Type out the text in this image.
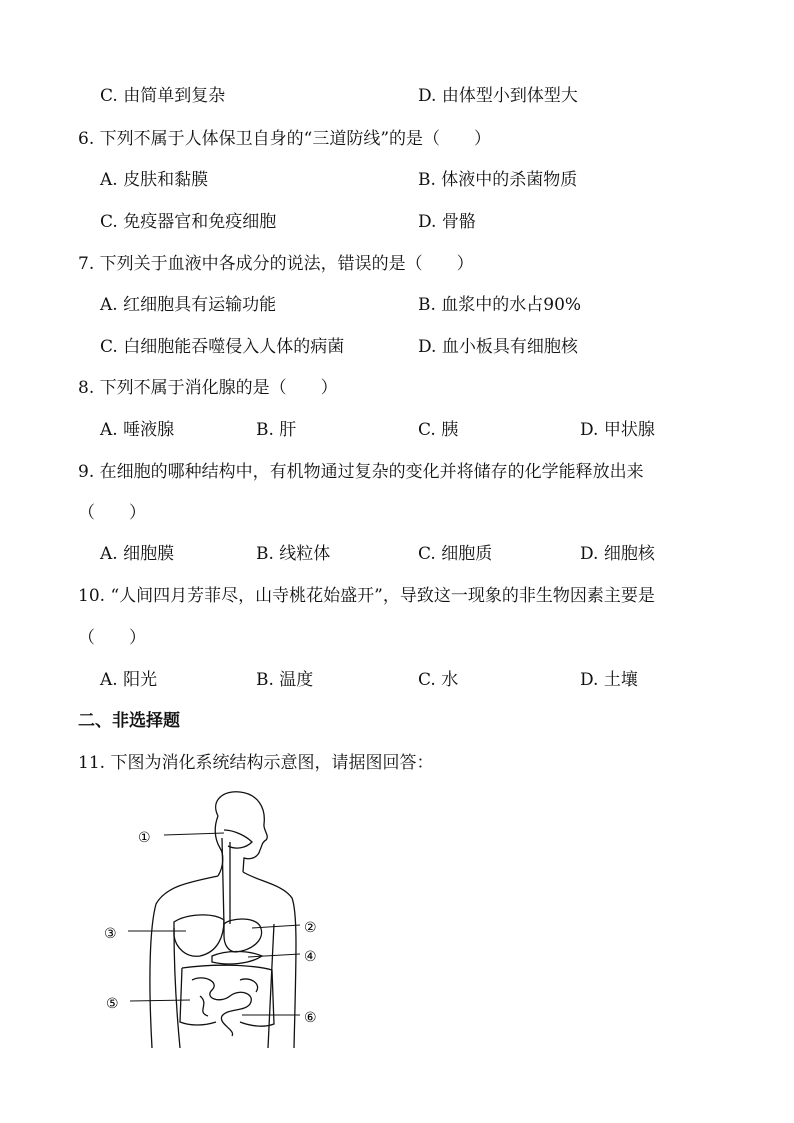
C. 由简单到复杂	D. 由体型小到体型大
6. 下列不属于人体保卫自身的“三道防线”的是（　　）
A. 皮肤和黏膜	B. 体液中的杀菌物质
C. 免疫器官和免疫细胞	D. 骨骼
7. 下列关于血液中各成分的说法，错误的是（　　）
A. 红细胞具有运输功能	B. 血浆中的水占90%
C. 白细胞能吞噬侵入人体的病菌	D. 血小板具有细胞核
8. 下列不属于消化腺的是（　　）
A. 唾液腺	B. 肝	C. 胰	D. 甲状腺
9. 在细胞的哪种结构中，有机物通过复杂的变化并将储存的化学能释放出来
（　　）
A. 细胞膜	B. 线粒体	C. 细胞质	D. 细胞核
10. “人间四月芳菲尽，山寺桃花始盛开”，导致这一现象的非生物因素主要是
（　　）
A. 阳光	B. 温度	C. 水	D. 土壤
二、非选择题
11. 下图为消化系统结构示意图，请据图回答：
①
②
③
④
⑤
⑥
